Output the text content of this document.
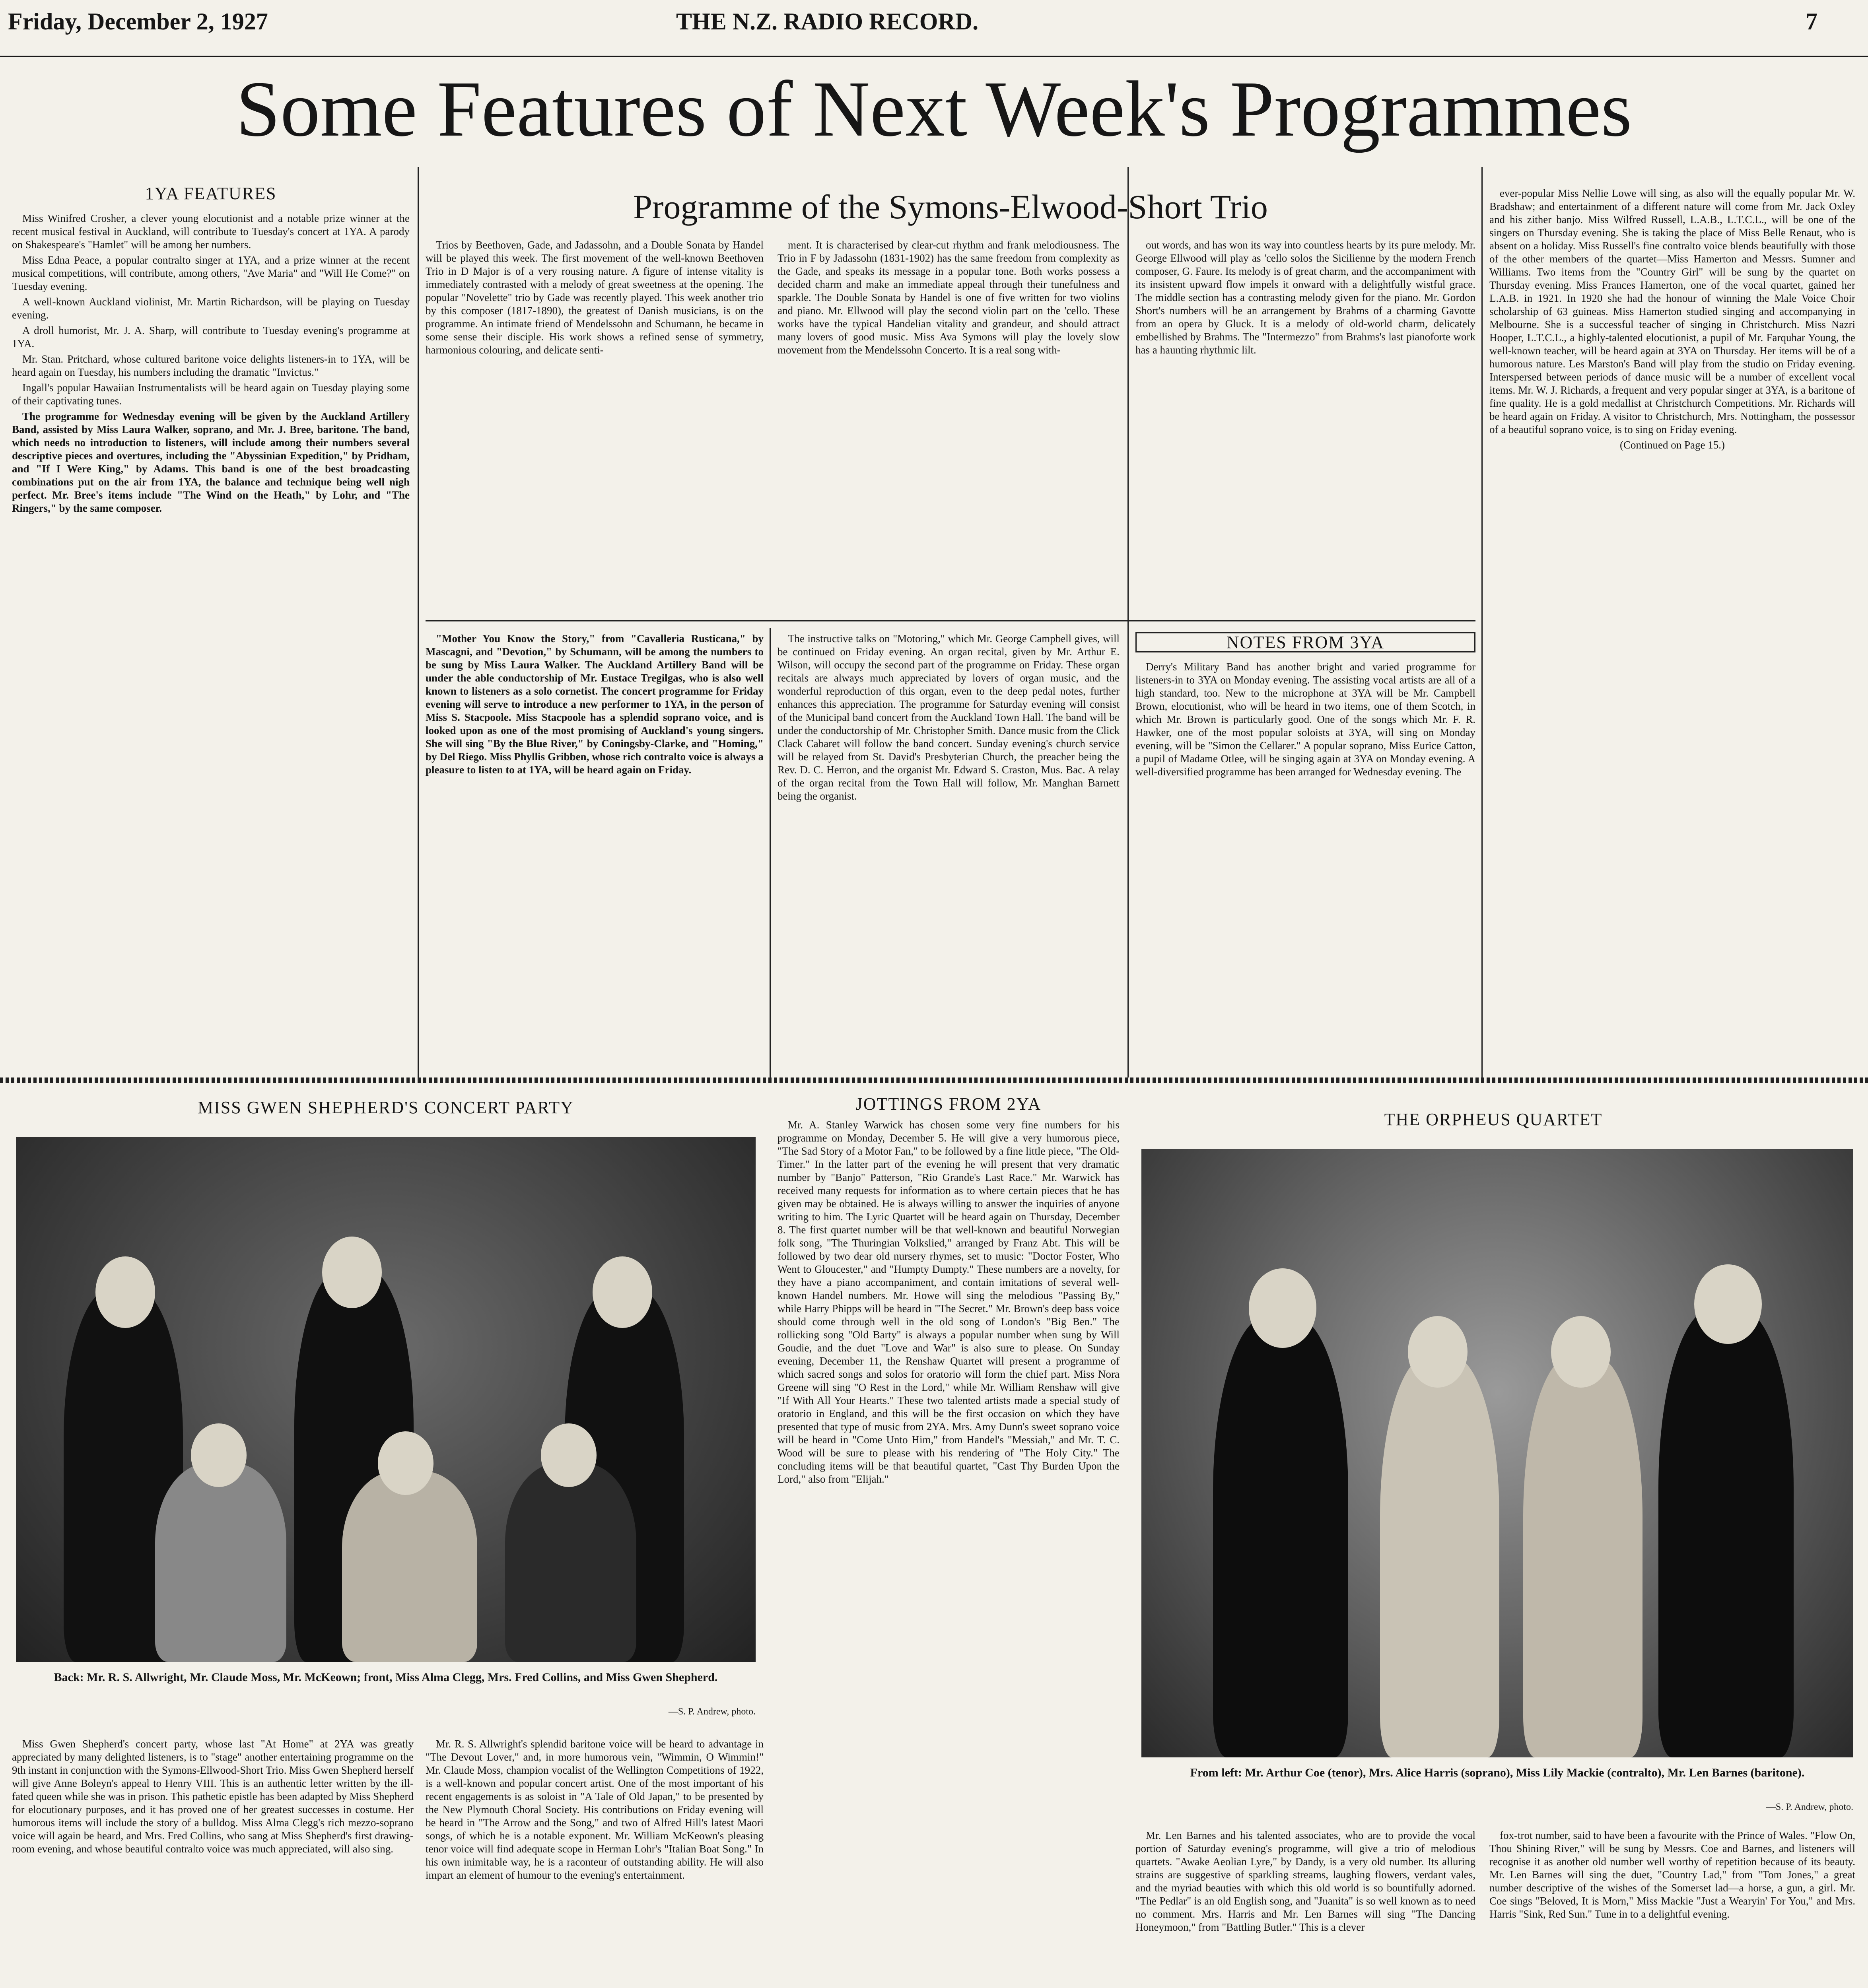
Friday, December 2, 1927	THE N.Z. RADIO RECORD.	7
Some Features of Next Week's Programmes
1YA FEATURES

Miss Winifred Crosher, a clever young elocutionist and a notable prize winner at the recent musical festival in Auckland, will contribute to Tuesday's concert at 1YA. A parody on Shakespeare's "Hamlet" will be among her numbers.

Miss Edna Peace, a popular contralto singer at 1YA, and a prize winner at the recent musical competitions, will contribute, among others, "Ave Maria" and "Will He Come?" on Tuesday evening.

A well-known Auckland violinist, Mr. Martin Richardson, will be playing on Tuesday evening.

A droll humorist, Mr. J. A. Sharp, will contribute to Tuesday evening's programme at 1YA.

Mr. Stan. Pritchard, whose cultured baritone voice delights listeners-in to 1YA, will be heard again on Tuesday, his numbers including the dramatic "Invictus."

Ingall's popular Hawaiian Instrumentalists will be heard again on Tuesday playing some of their captivating tunes.

The programme for Wednesday evening will be given by the Auckland Artillery Band, assisted by Miss Laura Walker, soprano, and Mr. J. Bree, baritone. The band, which needs no introduction to listeners, will include among their numbers several descriptive pieces and overtures, including the "Abyssinian Expedition," by Pridham, and "If I Were King," by Adams. This band is one of the best broadcasting combinations put on the air from 1YA, the balance and technique being well nigh perfect. Mr. Bree's items include "The Wind on the Heath," by Lohr, and "The Ringers," by the same composer.

Programme of the Symons-Elwood-Short Trio

Trios by Beethoven, Gade, and Jadassohn, and a Double Sonata by Handel will be played this week. The first movement of the well-known Beethoven Trio in D Major is of a very rousing nature. A figure of intense vitality is immediately contrasted with a melody of great sweetness at the opening. The popular "Novelette" trio by Gade was recently played. This week another trio by this composer (1817-1890), the greatest of Danish musicians, is on the programme. An intimate friend of Mendelssohn and Schumann, he became in some sense their disciple. His work shows a refined sense of symmetry, harmonious colouring, and delicate senti-

ment. It is characterised by clear-cut rhythm and frank melodiousness. The Trio in F by Jadassohn (1831-1902) has the same freedom from complexity as the Gade, and speaks its message in a popular tone. Both works possess a decided charm and make an immediate appeal through their tunefulness and sparkle. The Double Sonata by Handel is one of five written for two violins and piano. Mr. Ellwood will play the second violin part on the 'cello. These works have the typical Handelian vitality and grandeur, and should attract many lovers of good music. Miss Ava Symons will play the lovely slow movement from the Mendelssohn Concerto. It is a real song with-

out words, and has won its way into countless hearts by its pure melody. Mr. George Ellwood will play as 'cello solos the Sicilienne by the modern French composer, G. Faure. Its melody is of great charm, and the accompaniment with its insistent upward flow impels it onward with a delightfully wistful grace. The middle section has a contrasting melody given for the piano. Mr. Gordon Short's numbers will be an arrangement by Brahms of a charming Gavotte from an opera by Gluck. It is a melody of old-world charm, delicately embellished by Brahms. The "Intermezzo" from Brahms's last pianoforte work has a haunting rhythmic lilt.

"Mother You Know the Story," from "Cavalleria Rusticana," by Mascagni, and "Devotion," by Schumann, will be among the numbers to be sung by Miss Laura Walker. The Auckland Artillery Band will be under the able conductorship of Mr. Eustace Tregilgas, who is also well known to listeners as a solo cornetist. The concert programme for Friday evening will serve to introduce a new performer to 1YA, in the person of Miss S. Stacpoole. Miss Stacpoole has a splendid soprano voice, and is looked upon as one of the most promising of Auckland's young singers. She will sing "By the Blue River," by Coningsby-Clarke, and "Homing," by Del Riego. Miss Phyllis Gribben, whose rich contralto voice is always a pleasure to listen to at 1YA, will be heard again on Friday.

The instructive talks on "Motoring," which Mr. George Campbell gives, will be continued on Friday evening. An organ recital, given by Mr. Arthur E. Wilson, will occupy the second part of the programme on Friday. These organ recitals are always much appreciated by lovers of organ music, and the wonderful reproduction of this organ, even to the deep pedal notes, further enhances this appreciation. The programme for Saturday evening will consist of the Municipal band concert from the Auckland Town Hall. The band will be under the conductorship of Mr. Christopher Smith. Dance music from the Click Clack Cabaret will follow the band concert. Sunday evening's church service will be relayed from St. David's Presbyterian Church, the preacher being the Rev. D. C. Herron, and the organist Mr. Edward S. Craston, Mus. Bac. A relay of the organ recital from the Town Hall will follow, Mr. Manghan Barnett being the organist.

NOTES FROM 3YA

Derry's Military Band has another bright and varied programme for listeners-in to 3YA on Monday evening. The assisting vocal artists are all of a high standard, too. New to the microphone at 3YA will be Mr. Campbell Brown, elocutionist, who will be heard in two items, one of them Scotch, in which Mr. Brown is particularly good. One of the songs which Mr. F. R. Hawker, one of the most popular soloists at 3YA, will sing on Monday evening, will be "Simon the Cellarer." A popular soprano, Miss Eurice Catton, a pupil of Madame Otlee, will be singing again at 3YA on Monday evening. A well-diversified programme has been arranged for Wednesday evening. The

ever-popular Miss Nellie Lowe will sing, as also will the equally popular Mr. W. Bradshaw; and entertainment of a different nature will come from Mr. Jack Oxley and his zither banjo. Miss Wilfred Russell, L.A.B., L.T.C.L., will be one of the singers on Thursday evening. She is taking the place of Miss Belle Renaut, who is absent on a holiday. Miss Russell's fine contralto voice blends beautifully with those of the other members of the quartet—Miss Hamerton and Messrs. Sumner and Williams. Two items from the "Country Girl" will be sung by the quartet on Thursday evening. Miss Frances Hamerton, one of the vocal quartet, gained her L.A.B. in 1921. In 1920 she had the honour of winning the Male Voice Choir scholarship of 63 guineas. Miss Hamerton studied singing and accompanying in Melbourne. She is a successful teacher of singing in Christchurch. Miss Nazri Hooper, L.T.C.L., a highly-talented elocutionist, a pupil of Mr. Farquhar Young, the well-known teacher, will be heard again at 3YA on Thursday. Her items will be of a humorous nature. Les Marston's Band will play from the studio on Friday evening. Interspersed between periods of dance music will be a number of excellent vocal items. Mr. W. J. Richards, a frequent and very popular singer at 3YA, is a baritone of fine quality. He is a gold medallist at Christchurch Competitions. Mr. Richards will be heard again on Friday. A visitor to Christchurch, Mrs. Nottingham, the possessor of a beautiful soprano voice, is to sing on Friday evening.

(Continued on Page 15.)
MISS GWEN SHEPHERD'S CONCERT PARTY
Back: Mr. R. S. Allwright, Mr. Claude Moss, Mr. McKeown; front, Miss Alma Clegg, Mrs. Fred Collins, and Miss Gwen Shepherd.
—S. P. Andrew, photo.

Miss Gwen Shepherd's concert party, whose last "At Home" at 2YA was greatly appreciated by many delighted listeners, is to "stage" another entertaining programme on the 9th instant in conjunction with the Symons-Ellwood-Short Trio. Miss Gwen Shepherd herself will give Anne Boleyn's appeal to Henry VIII. This is an authentic letter written by the ill-fated queen while she was in prison. This pathetic epistle has been adapted by Miss Shepherd for elocutionary purposes, and it has proved one of her greatest successes in costume. Her humorous items will include the story of a bulldog. Miss Alma Clegg's rich mezzo-soprano voice will again be heard, and Mrs. Fred Collins, who sang at Miss Shepherd's first drawing-room evening, and whose beautiful contralto voice was much appreciated, will also sing.

Mr. R. S. Allwright's splendid baritone voice will be heard to advantage in "The Devout Lover," and, in more humorous vein, "Wimmin, O Wimmin!" Mr. Claude Moss, champion vocalist of the Wellington Competitions of 1922, is a well-known and popular concert artist. One of the most important of his recent engagements is as soloist in "A Tale of Old Japan," to be presented by the New Plymouth Choral Society. His contributions on Friday evening will be heard in "The Arrow and the Song," and two of Alfred Hill's latest Maori songs, of which he is a notable exponent. Mr. William McKeown's pleasing tenor voice will find adequate scope in Herman Lohr's "Italian Boat Song." In his own inimitable way, he is a raconteur of outstanding ability. He will also impart an element of humour to the evening's entertainment.

JOTTINGS FROM 2YA

Mr. A. Stanley Warwick has chosen some very fine numbers for his programme on Monday, December 5. He will give a very humorous piece, "The Sad Story of a Motor Fan," to be followed by a fine little piece, "The Old-Timer." In the latter part of the evening he will present that very dramatic number by "Banjo" Patterson, "Rio Grande's Last Race." Mr. Warwick has received many requests for information as to where certain pieces that he has given may be obtained. He is always willing to answer the inquiries of anyone writing to him. The Lyric Quartet will be heard again on Thursday, December 8. The first quartet number will be that well-known and beautiful Norwegian folk song, "The Thuringian Volkslied," arranged by Franz Abt. This will be followed by two dear old nursery rhymes, set to music: "Doctor Foster, Who Went to Gloucester," and "Humpty Dumpty." These numbers are a novelty, for they have a piano accompaniment, and contain imitations of several well-known Handel numbers. Mr. Howe will sing the melodious "Passing By," while Harry Phipps will be heard in "The Secret." Mr. Brown's deep bass voice should come through well in the old song of London's "Big Ben." The rollicking song "Old Barty" is always a popular number when sung by Will Goudie, and the duet "Love and War" is also sure to please. On Sunday evening, December 11, the Renshaw Quartet will present a programme of which sacred songs and solos for oratorio will form the chief part. Miss Nora Greene will sing "O Rest in the Lord," while Mr. William Renshaw will give "If With All Your Hearts." These two talented artists made a special study of oratorio in England, and this will be the first occasion on which they have presented that type of music from 2YA. Mrs. Amy Dunn's sweet soprano voice will be heard in "Come Unto Him," from Handel's "Messiah," and Mr. T. C. Wood will be sure to please with his rendering of "The Holy City." The concluding items will be that beautiful quartet, "Cast Thy Burden Upon the Lord," also from "Elijah."

THE ORPHEUS QUARTET
From left: Mr. Arthur Coe (tenor), Mrs. Alice Harris (soprano), Miss Lily Mackie (contralto), Mr. Len Barnes (baritone).
—S. P. Andrew, photo.

Mr. Len Barnes and his talented associates, who are to provide the vocal portion of Saturday evening's programme, will give a trio of melodious quartets. "Awake Aeolian Lyre," by Dandy, is a very old number. Its alluring strains are suggestive of sparkling streams, laughing flowers, verdant vales, and the myriad beauties with which this old world is so bountifully adorned. "The Pedlar" is an old English song, and "Juanita" is so well known as to need no comment. Mrs. Harris and Mr. Len Barnes will sing "The Dancing Honeymoon," from "Battling Butler." This is a clever

fox-trot number, said to have been a favourite with the Prince of Wales. "Flow On, Thou Shining River," will be sung by Messrs. Coe and Barnes, and listeners will recognise it as another old number well worthy of repetition because of its beauty. Mr. Len Barnes will sing the duet, "Country Lad," from "Tom Jones," a great number descriptive of the wishes of the Somerset lad—a horse, a gun, a girl. Mr. Coe sings "Beloved, It is Morn," Miss Mackie "Just a Wearyin' For You," and Mrs. Harris "Sink, Red Sun." Tune in to a delightful evening.
